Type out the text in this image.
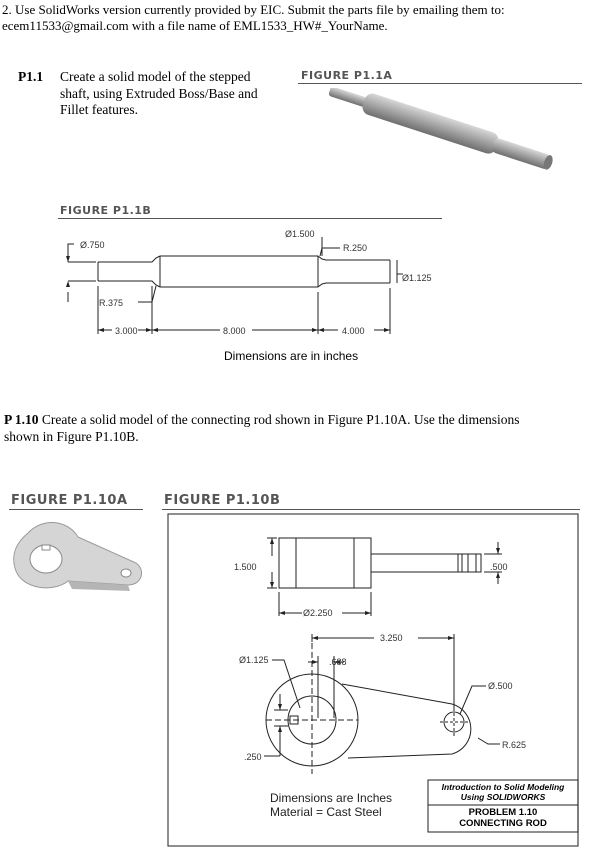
2. Use SolidWorks version currently provided by EIC. Submit the parts file by emailing them to:
ecem11533@gmail.com with a file name of EML1533_HW#_YourName.
P1.1 Create a solid model of the stepped
shaft, using Extruded Boss/Base and
Fillet features.
FIGURE P1.1A
FIGURE P1.1B
Ø.750
Ø1.500
R.250
Ø1.125
R.375
3.000	8.000	4.000
Dimensions are in inches
P 1.10 Create a solid model of the connecting rod shown in Figure P1.10A. Use the dimensions
shown in Figure P1.10B.
FIGURE P1.10A	FIGURE P1.10B
1.500	.500
Ø2.250
3.250
Ø1.125	.688
Ø.500
R.625
.250
Dimensions are Inches
Material = Cast Steel
Introduction to Solid Modeling
Using SOLIDWORKS
PROBLEM 1.10
CONNECTING ROD
